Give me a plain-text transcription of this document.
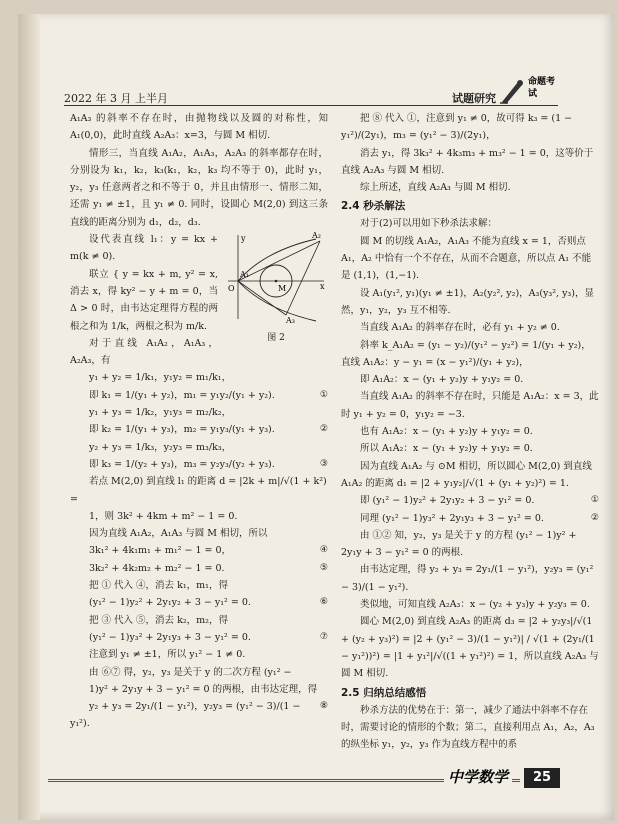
2022 年 3 月 上半月	试题研究
命题考试

A₁A₃ 的斜率不存在时，由抛物线以及圆的对称性，知 A₁(0,0)，此时直线 A₂A₃：x=3，与圆 M 相切.

情形三，当直线 A₁A₂，A₁A₃，A₂A₃ 的斜率都存在时，分别设为 k₁，k₂，k₃(k₁，k₂，k₃ 均不等于 0)，此时 y₁，y₂，y₃ 任意两者之和不等于 0，并且由情形一、情形二知，还需 y₁ ≠ ±1，且 y₁ ≠ 0. 同时，设圆心 M(2,0) 到这三条直线的距离分别为 d₁，d₂，d₃.

y	A₂
A₁
O	M	x
A₃
图 2

设代表直线 l₁：y = kx + m(k ≠ 0).

联立 { y = kx + m, y² = x, 消去 x，得 ky² − y + m = 0，当 Δ > 0 时，由韦达定理得方程的两根之和为 1/k，两根之积为 m/k.

对于直线 A₁A₂，A₁A₃，A₂A₃，有

y₁ + y₂ = 1/k₁，y₁y₂ = m₁/k₁，
即 k₁ = 1/(y₁ + y₂)，m₁ = y₁y₂/(y₁ + y₂).	①
y₁ + y₃ = 1/k₂，y₁y₃ = m₂/k₂，
即 k₂ = 1/(y₁ + y₃)，m₂ = y₁y₃/(y₁ + y₃).	②
y₂ + y₃ = 1/k₃，y₂y₃ = m₃/k₃，
即 k₃ = 1/(y₂ + y₃)，m₃ = y₂y₃/(y₂ + y₃).	③
若点 M(2,0) 到直线 l₁ 的距离 d = |2k + m|/√(1 + k²) =
1，则 3k² + 4km + m² − 1 = 0.
因为直线 A₁A₂，A₁A₃ 与圆 M 相切，所以
3k₁² + 4k₁m₁ + m₁² − 1 = 0，	④
3k₂² + 4k₂m₂ + m₂² − 1 = 0.	⑤
把 ① 代入 ④，消去 k₁，m₁，得
(y₁² − 1)y₂² + 2y₁y₂ + 3 − y₁² = 0.	⑥
把 ③ 代入 ⑤，消去 k₂，m₂，得
(y₁² − 1)y₃² + 2y₁y₃ + 3 − y₁² = 0.	⑦
注意到 y₁ ≠ ±1，所以 y₁² − 1 ≠ 0.
由 ⑥⑦ 得，y₂，y₃ 是关于 y 的二次方程 (y₁² −
1)y² + 2y₁y + 3 − y₁² = 0 的两根，由韦达定理，得
y₂ + y₃ = 2y₁/(1 − y₁²)，y₂y₃ = (y₁² − 3)/(1 − y₁²).
⑧
把 ⑧ 代入 ①，注意到 y₁ ≠ 0，故可得 k₃ = (1 − y₁²)/(2y₁)，m₃ = (y₁² − 3)/(2y₁)，
消去 y₁，得 3k₃² + 4k₃m₃ + m₃² − 1 = 0，这等价于直线 A₂A₃ 与圆 M 相切.
综上所述，直线 A₂A₃ 与圆 M 相切.
2.4 秒杀解法
对于(2)可以用如下秒杀法求解：
圆 M 的切线 A₁A₂，A₁A₃ 不能为直线 x = 1，否则点 A₁，A₂ 中恰有一个不存在，从而不合题意，所以点 A₁ 不能是 (1,1)，(1,−1).
设 A₁(y₁², y₁)(y₁ ≠ ±1)，A₂(y₂², y₂)，A₃(y₃², y₃)，显然，y₁，y₂，y₃ 互不相等.
当直线 A₁A₂ 的斜率存在时，必有 y₁ + y₂ ≠ 0.
斜率 k_A₁A₂ = (y₁ − y₂)/(y₁² − y₂²) = 1/(y₁ + y₂)，直线 A₁A₂：y − y₁ = (x − y₁²)/(y₁ + y₂)，
即 A₁A₂：x − (y₁ + y₂)y + y₁y₂ = 0.
当直线 A₁A₂ 的斜率不存在时，只能是 A₁A₂：x = 3，此时 y₁ + y₂ = 0，y₁y₂ = −3.
也有 A₁A₂：x − (y₁ + y₂)y + y₁y₂ = 0.
所以 A₁A₂：x − (y₁ + y₂)y + y₁y₂ = 0.
因为直线 A₁A₂ 与 ⊙M 相切，所以圆心 M(2,0) 到直线 A₁A₂ 的距离 d₁ = |2 + y₁y₂|/√(1 + (y₁ + y₂)²) = 1.
即 (y₁² − 1)y₂² + 2y₁y₂ + 3 − y₁² = 0.	①
同理 (y₁² − 1)y₃² + 2y₁y₃ + 3 − y₁² = 0.	②
由 ①② 知，y₂，y₃ 是关于 y 的方程 (y₁² − 1)y² + 2y₁y + 3 − y₁² = 0 的两根.
由韦达定理，得 y₂ + y₃ = 2y₁/(1 − y₁²)，y₂y₃ = (y₁² − 3)/(1 − y₁²).
类似地，可知直线 A₂A₃：x − (y₂ + y₃)y + y₂y₃ = 0.
圆心 M(2,0) 到直线 A₂A₃ 的距离 d₃ = |2 + y₂y₃|/√(1 + (y₂ + y₃)²) = |2 + (y₁² − 3)/(1 − y₁²)| / √(1 + (2y₁/(1 − y₁²))²) = |1 + y₁²|/√((1 + y₁²)²) = 1，所以直线 A₂A₃ 与圆 M 相切.
2.5 归纳总结感悟
秒杀方法的优势在于：第一，减少了通法中斜率不存在时，需要讨论的情形的个数；第二，直接利用点 A₁，A₂，A₃ 的纵坐标 y₁，y₂，y₃ 作为直线方程中的系
中学数学	25
